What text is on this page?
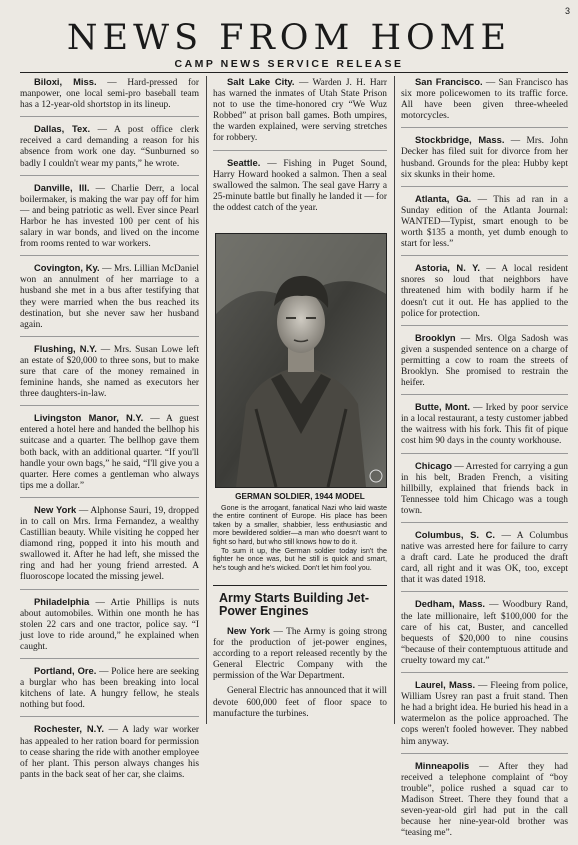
3
NEWS FROM HOME
CAMP NEWS SERVICE RELEASE

Biloxi, Miss. — Hard-pressed for manpower, one local semi-pro baseball team has a 12-year-old shortstop in its lineup.

Dallas, Tex. — A post office clerk received a card demanding a reason for his absence from work one day. “Sunburned so badly I couldn't wear my pants,” he wrote.

Danville, Ill. — Charlie Derr, a local boilermaker, is making the war pay off for him — and being patriotic as well. Ever since Pearl Harbor he has invested 100 per cent of his salary in war bonds, and lived on the income from rooms rented to war workers.

Covington, Ky. — Mrs. Lillian McDaniel won an annulment of her marriage to a husband she met in a bus after testifying that they were married when the bus reached its destination, but she never saw her husband again.

Flushing, N.Y. — Mrs. Susan Lowe left an estate of $20,000 to three sons, but to make sure that care of the money remained in feminine hands, she named as executors her three daughters-in-law.

Livingston Manor, N.Y. — A guest entered a hotel here and handed the bellhop his suitcase and a quarter. The bellhop gave them both back, with an additional quarter. “If you'll handle your own bags,” he said, “I'll give you a quarter. Here comes a gentleman who always tips me a dollar.”

New York — Alphonse Sauri, 19, dropped in to call on Mrs. Irma Fernandez, a wealthy Castillian beauty. While visiting he copped her diamond ring, popped it into his mouth and swallowed it. After he had left, she missed the ring and had her young friend arrested. A fluoroscope located the missing jewel.

Philadelphia — Artie Phillips is nuts about automobiles. Within one month he has stolen 22 cars and one tractor, police say. “I just love to ride around,” he explained when caught.

Portland, Ore. — Police here are seeking a burglar who has been breaking into local kitchens of late. A hungry fellow, he steals nothing but food.

Rochester, N.Y. — A lady war worker has appealed to her ration board for permission to cease sharing the ride with another employee of her plant. This person always changes his pants in the back seat of her car, she claims.

Salt Lake City. — Warden J. H. Harr has warned the inmates of Utah State Prison not to use the time-honored cry “We Wuz Robbed” at prison ball games. Both umpires, the warden explained, were serving stretches for robbery.

Seattle. — Fishing in Puget Sound, Harry Howard hooked a salmon. Then a seal swallowed the salmon. The seal gave Harry a 25-minute battle but finally he landed it — for the oddest catch of the year.

GERMAN SOLDIER, 1944 MODEL

Gone is the arrogant, fanatical Nazi who laid waste the entire continent of Europe. His place has been taken by a smaller, shabbier, less enthusiastic and more bewildered soldier—a man who doesn't want to fight so hard, but who still knows how to do it.

To sum it up, the German soldier today isn't the fighter he once was, but he still is quick and smart, he's tough and he's wicked. Don't let him fool you.

Army Starts Building Jet-Power Engines

New York — The Army is going strong for the production of jet-power engines, according to a report released recently by the General Electric Company with the permission of the War Department.

General Electric has announced that it will devote 600,000 feet of floor space to manufacture the turbines.

San Francisco. — San Francisco has six more policewomen to its traffic force. All have been given three-wheeled motorcycles.

Stockbridge, Mass. — Mrs. John Decker has filed suit for divorce from her husband. Grounds for the plea: Hubby kept six skunks in their home.

Atlanta, Ga. — This ad ran in a Sunday edition of the Atlanta Journal: WANTED—Typist, smart enough to be worth $135 a month, yet dumb enough to start for less.”

Astoria, N. Y. — A local resident snores so loud that neighbors have threatened him with bodily harm if he doesn't cut it out. He has applied to the police for protection.

Brooklyn — Mrs. Olga Sadosh was given a suspended sentence on a charge of permitting a cow to roam the streets of Brooklyn. She promised to restrain the heifer.

Butte, Mont. — Irked by poor service in a local restaurant, a testy customer jabbed the waitress with his fork. This fit of pique cost him 90 days in the county workhouse.

Chicago — Arrested for carrying a gun in his belt, Braden French, a visiting hillbilly, explained that friends back in Tennessee told him Chicago was a tough town.

Columbus, S. C. — A Columbus native was arrested here for failure to carry a draft card. Late he produced the draft card, all right and it was OK, too, except that it was dated 1918.

Dedham, Mass. — Woodbury Rand, the late millionaire, left $100,000 for the care of his cat, Buster, and cancelled bequests of $20,000 to nine cousins “because of their contemptuous attitude and cruelty toward my cat.”

Laurel, Mass. — Fleeing from police, William Usrey ran past a fruit stand. Then he had a bright idea. He buried his head in a watermelon as the police approached. The cops weren't fooled however. They nabbed him anyway.

Minneapolis — After they had received a telephone complaint of “boy trouble”, police rushed a squad car to Madison Street. There they found that a seven-year-old girl had put in the call because her nine-year-old brother was “teasing me”.
